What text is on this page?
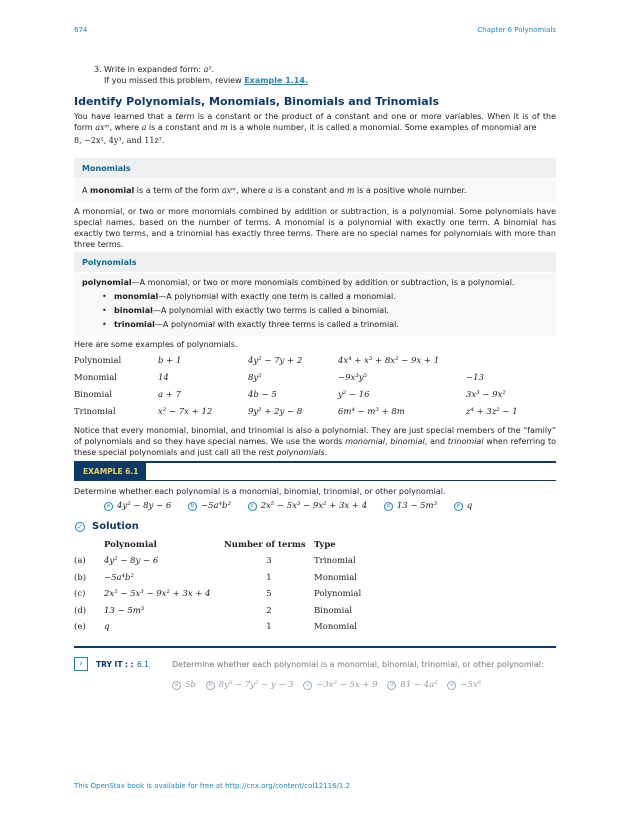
674	Chapter 6 Polynomials
3. Write in expanded form: a⁵.
If you missed this problem, review Example 1.14.
Identify Polynomials, Monomials, Binomials and Trinomials
You have learned that a term is a constant or the product of a constant and one or more variables. When it is of the form axᵐ, where a is a constant and m is a whole number, it is called a monomial. Some examples of monomial are
8, −2x², 4y³, and 11z⁷.
Monomials
A monomial is a term of the form axᵐ, where a is a constant and m is a positive whole number.
A monomial, or two or more monomials combined by addition or subtraction, is a polynomial. Some polynomials have special names, based on the number of terms. A monomial is a polynomial with exactly one term. A binomial has exactly two terms, and a trinomial has exactly three terms. There are no special names for polynomials with more than three terms.
Polynomials
polynomial—A monomial, or two or more monomials combined by addition or subtraction, is a polynomial.
• monomial—A polynomial with exactly one term is called a monomial.
• binomial—A polynomial with exactly two terms is called a binomial.
• trinomial—A polynomial with exactly three terms is called a trinomial.
Here are some examples of polynomials.
Polynomial	b + 1	4y² − 7y + 2	4x⁴ + x³ + 8x² − 9x + 1	
Monomial	14	8y²	−9x³y⁵	−13
Binomial	a + 7	4b − 5	y² − 16	3x³ − 9x²
Trinomial	x² − 7x + 12	9y² + 2y − 8	6m⁴ − m³ + 8m	z⁴ + 3z² − 1
Notice that every monomial, binomial, and trinomial is also a polynomial. They are just special members of the “family” of polynomials and so they have special names. We use the words monomial, binomial, and trinomial when referring to these special polynomials and just call all the rest polynomials.
EXAMPLE 6.1
Determine whether each polynomial is a monomial, binomial, trinomial, or other polynomial.
a 4y² − 8y − 6	b −5a⁴b²	c 2x⁵ − 5x³ − 9x² + 3x + 4	d 13 − 5m³	e q
✓ Solution
	Polynomial	Number of terms	Type
(a)	4y² − 8y − 6	3	Trinomial
(b)	−5a⁴b²	1	Monomial
(c)	2x⁵ − 5x³ − 9x² + 3x + 4	5	Polynomial
(d)	13 − 5m³	2	Binomial
(e)	q	1	Monomial
›	TRY IT : : 6.1	Determine whether each polynomial is a monomial, binomial, trinomial, or other polynomial:
a 5b b 8y³ − 7y² − y − 3 c −3x² − 5x + 9 d 81 − 4a² e −5x⁶
This OpenStax book is available for free at http://cnx.org/content/col12116/1.2
